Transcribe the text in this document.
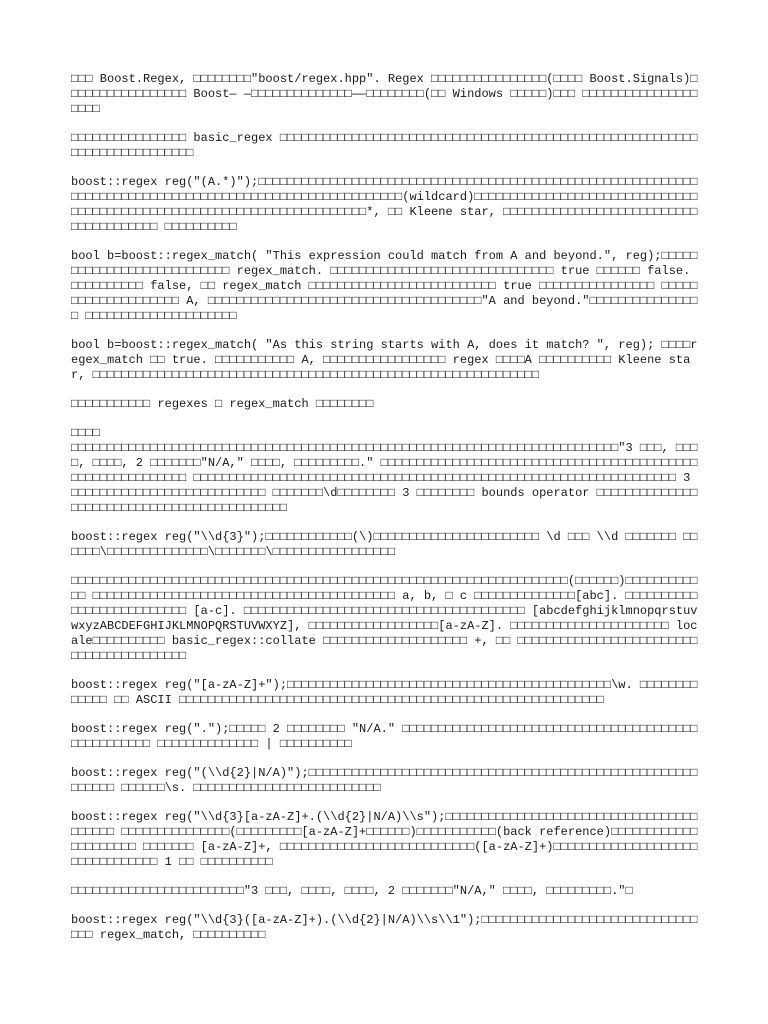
□□□ Boost.Regex, □□□□□□□□"boost/regex.hpp". Regex □□□□□□□□□□□□□□□□(□□□□ Boost.Signals)□□□□□□□□□□□□□□□□□ Boost— —□□□□□□□□□□□□□□——□□□□□□□□(□□ Windows □□□□□)□□□ □□□□□□□□□□□□□□□□□□□□

□□□□□□□□□□□□□□□□ basic_regex □□□□□□□□□□□□□□□□□□□□□□□□□□□□□□□□□□□□□□□□□□□□□□□□□□□□□□□□□□ □□□□□□□□□□□□□□□□□

boost::regex reg("(A.*)");□□□□□□□□□□□□□□□□□□□□□□□□□□□□□□□□□□□□□□□□□□□□□□□□□□□□□□□□□□□□□ □□□□□□□□□□□□□□□□□□□□□□□□□□□□□□□□□□□□□□□□□□□□□□(wildcard)□□□□□□□□□□□□□□□□□□□□□□□□□□□□□□□ □□□□□□□□□□□□□□□□□□□□□□□□□□□□□□□□□□□□□□□□□*, □□ Kleene star, □□□□□□□□□□□□□□□□□□□□□□□□□□□□□□□□□□□□□□□ □□□□□□□□□□

bool b=boost::regex_match( "This expression could match from A and beyond.", reg);□□□□□□□□□□□□□□□□□□□□□□□□□□□ regex_match. □□□□□□□□□□□□□□□□□□□□□□□□□□□□□□□ true □□□□□□ false. □□□□□□□□□□ false, □□ regex_match □□□□□□□□□□□□□□□□□□□□□□□□□□ true □□□□□□□□□□□□□□□□ □□□□□□□□□□□□□□□□□□□□ A, □□□□□□□□□□□□□□□□□□□□□□□□□□□□□□□□□□□□□□"A and beyond."□□□□□□□□□□□□□□□□ □□□□□□□□□□□□□□□□□□□□□

bool b=boost::regex_match( "As this string starts with A, does it match? ", reg); □□□□regex_match □□ true. □□□□□□□□□□□ A, □□□□□□□□□□□□□□□□□ regex □□□□A □□□□□□□□□□ Kleene star, □□□□□□□□□□□□□□□□□□□□□□□□□□□□□□□□□□□□□□□□□□□□□□□□□□□□□□□□□□□□□□

□□□□□□□□□□□ regexes □ regex_match □□□□□□□□

□□□□

□□□□□□□□□□□□□□□□□□□□□□□□□□□□□□□□□□□□□□□□□□□□□□□□□□□□□□□□□□□□□□□□□□□□□□□□□□□□"3 □□□, □□□□, □□□□, 2 □□□□□□□"N/A," □□□□, □□□□□□□□□." □□□□□□□□□□□□□□□□□□□□□□□□□□□□□□□□□□□□□□□□□□□□□□□□□□□□□□□□□□□□ □□□□□□□□□□□□□□□□□□□□□□□□□□□□□□□□□□□□□□□□□□□□□□□□□□□□□□□□□□□□□□□□□□□ 3 □□□□□□□□□□□□□□□□□□□□□□□□□□□ □□□□□□□\d□□□□□□□□ 3 □□□□□□□□ bounds operator □□□□□□□□□□□□□□□□□□□□□□□□□□□□□□□□□□□□□□□□□□□□

boost::regex reg("\\d{3}");□□□□□□□□□□□□(\)□□□□□□□□□□□□□□□□□□□□□□□ \d □□□ \\d □□□□□□□ □□□□□□\□□□□□□□□□□□□□□\□□□□□□□\□□□□□□□□□□□□□□□□□

□□□□□□□□□□□□□□□□□□□□□□□□□□□□□□□□□□□□□□□□□□□□□□□□□□□□□□□□□□□□□□□□□□□□□(□□□□□□)□□□□□□□□□□□□ □□□□□□□□□□□□□□□□□□□□□□□□□□□□□□□□□□□□□□□□□□ a, b, □ c □□□□□□□□□□□□□□[abc]. □□□□□□□□□□□□□□□□□□□□□□□□□□ [a-c]. □□□□□□□□□□□□□□□□□□□□□□□□□□□□□□□□□□□□□□□ [abcdefghijklmnopqrstuvwxyzABCDEFGHIJKLMNOPQRSTUVWXYZ], □□□□□□□□□□□□□□□□□□[a-zA-Z]. □□□□□□□□□□□□□□□□□□□□□□ locale□□□□□□□□□□ basic_regex::collate □□□□□□□□□□□□□□□□□□□□ +, □□ □□□□□□□□□□□□□□□□□□□□□□□□□□□□□□□□□□□□□□□□□

boost::regex reg("[a-zA-Z]+");□□□□□□□□□□□□□□□□□□□□□□□□□□□□□□□□□□□□□□□□□□□□□\w. □□□□□□□□□□□□□ □□ ASCII □□□□□□□□□□□□□□□□□□□□□□□□□□□□□□□□□□□□□□□□□□□□□□□□□□□□□□□□□□□

boost::regex reg(".");□□□□□ 2 □□□□□□□□ "N/A." □□□□□□□□□□□□□□□□□□□□□□□□□□□□□□□□□□□□□□□□□□□□□□□□□□□□ □□□□□□□□□□□□□□ | □□□□□□□□□□

boost::regex reg("(\\d{2}|N/A)");□□□□□□□□□□□□□□□□□□□□□□□□□□□□□□□□□□□□□□□□□□□□□□□□□□□□□□□□□□□□ □□□□□□\s. □□□□□□□□□□□□□□□□□□□□□□□□□□

boost::regex reg("\\d{3}[a-zA-Z]+.(\\d{2}|N/A)\\s");□□□□□□□□□□□□□□□□□□□□□□□□□□□□□□□□□□□□□□□□□ □□□□□□□□□□□□□□□(□□□□□□□□□[a-zA-Z]+□□□□□□)□□□□□□□□□□□(back reference)□□□□□□□□□□□□□□□□□□□□□ □□□□□□□ [a-zA-Z]+, □□□□□□□□□□□□□□□□□□□□□□□□□□□([a-zA-Z]+)□□□□□□□□□□□□□□□□□□□□□□□□□□□□□□□□ 1 □□ □□□□□□□□□□

□□□□□□□□□□□□□□□□□□□□□□□□"3 □□□, □□□□, □□□□, 2 □□□□□□□"N/A," □□□□, □□□□□□□□□."□

boost::regex reg("\\d{3}([a-zA-Z]+).(\\d{2}|N/A)\\s\\1");□□□□□□□□□□□□□□□□□□□□□□□□□□□□□□□□□ regex_match, □□□□□□□□□□
